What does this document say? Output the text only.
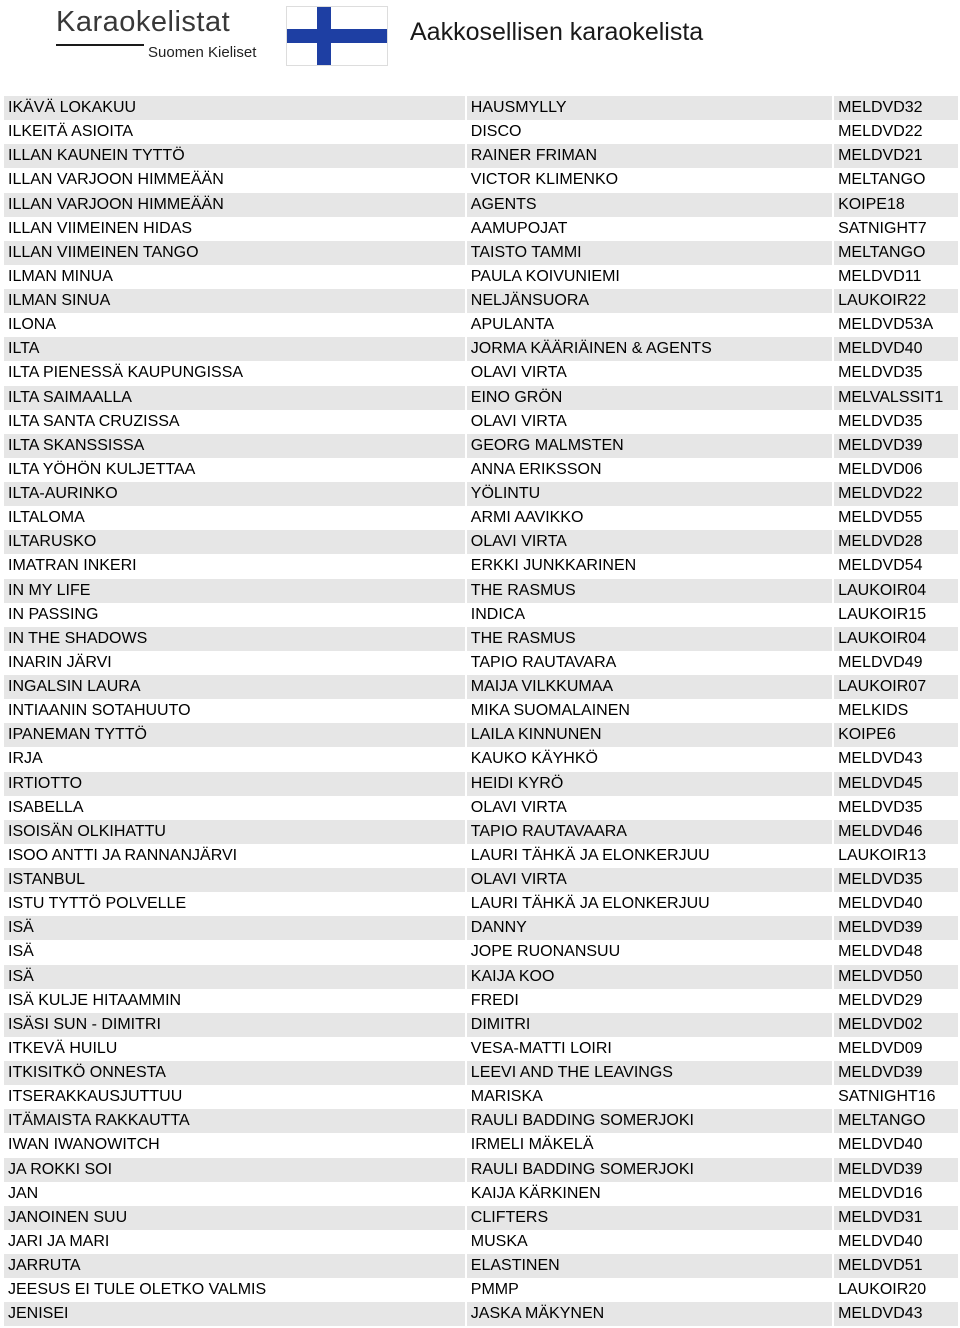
Karaokelistat
Suomen Kieliset
Aakkosellisen karaokelista
IKÄVÄ LOKAKUU	HAUSMYLLY	MELDVD32
ILKEITÄ ASIOITA	DISCO	MELDVD22
ILLAN KAUNEIN TYTTÖ	RAINER FRIMAN	MELDVD21
ILLAN VARJOON HIMMEÄÄN	VICTOR KLIMENKO	MELTANGO
ILLAN VARJOON HIMMEÄÄN	AGENTS	KOIPE18
ILLAN VIIMEINEN HIDAS	AAMUPOJAT	SATNIGHT7
ILLAN VIIMEINEN TANGO	TAISTO TAMMI	MELTANGO
ILMAN MINUA	PAULA KOIVUNIEMI	MELDVD11
ILMAN SINUA	NELJÄNSUORA	LAUKOIR22
ILONA	APULANTA	MELDVD53A
ILTA	JORMA KÄÄRIÄINEN & AGENTS	MELDVD40
ILTA PIENESSÄ KAUPUNGISSA	OLAVI VIRTA	MELDVD35
ILTA SAIMAALLA	EINO GRÖN	MELVALSSIT1
ILTA SANTA CRUZISSA	OLAVI VIRTA	MELDVD35
ILTA SKANSSISSA	GEORG MALMSTEN	MELDVD39
ILTA YÖHÖN KULJETTAA	ANNA ERIKSSON	MELDVD06
ILTA-AURINKO	YÖLINTU	MELDVD22
ILTALOMA	ARMI AAVIKKO	MELDVD55
ILTARUSKO	OLAVI VIRTA	MELDVD28
IMATRAN INKERI	ERKKI JUNKKARINEN	MELDVD54
IN MY LIFE	THE RASMUS	LAUKOIR04
IN PASSING	INDICA	LAUKOIR15
IN THE SHADOWS	THE RASMUS	LAUKOIR04
INARIN JÄRVI	TAPIO RAUTAVARA	MELDVD49
INGALSIN LAURA	MAIJA VILKKUMAA	LAUKOIR07
INTIAANIN SOTAHUUTO	MIKA SUOMALAINEN	MELKIDS
IPANEMAN TYTTÖ	LAILA KINNUNEN	KOIPE6
IRJA	KAUKO KÄYHKÖ	MELDVD43
IRTIOTTO	HEIDI KYRÖ	MELDVD45
ISABELLA	OLAVI VIRTA	MELDVD35
ISOISÄN OLKIHATTU	TAPIO RAUTAVAARA	MELDVD46
ISOO ANTTI JA RANNANJÄRVI	LAURI TÄHKÄ JA ELONKERJUU	LAUKOIR13
ISTANBUL	OLAVI VIRTA	MELDVD35
ISTU TYTTÖ POLVELLE	LAURI TÄHKÄ JA ELONKERJUU	MELDVD40
ISÄ	DANNY	MELDVD39
ISÄ	JOPE RUONANSUU	MELDVD48
ISÄ	KAIJA KOO	MELDVD50
ISÄ KULJE HITAAMMIN	FREDI	MELDVD29
ISÄSI SUN - DIMITRI	DIMITRI	MELDVD02
ITKEVÄ HUILU	VESA-MATTI LOIRI	MELDVD09
ITKISITKÖ ONNESTA	LEEVI AND THE LEAVINGS	MELDVD39
ITSERAKKAUSJUTTUU	MARISKA	SATNIGHT16
ITÄMAISTA RAKKAUTTA	RAULI BADDING SOMERJOKI	MELTANGO
IWAN IWANOWITCH	IRMELI MÄKELÄ	MELDVD40
JA ROKKI SOI	RAULI BADDING SOMERJOKI	MELDVD39
JAN	KAIJA KÄRKINEN	MELDVD16
JANOINEN SUU	CLIFTERS	MELDVD31
JARI JA MARI	MUSKA	MELDVD40
JARRUTA	ELASTINEN	MELDVD51
JEESUS EI TULE OLETKO VALMIS	PMMP	LAUKOIR20
JENISEI	JASKA MÄKYNEN	MELDVD43
